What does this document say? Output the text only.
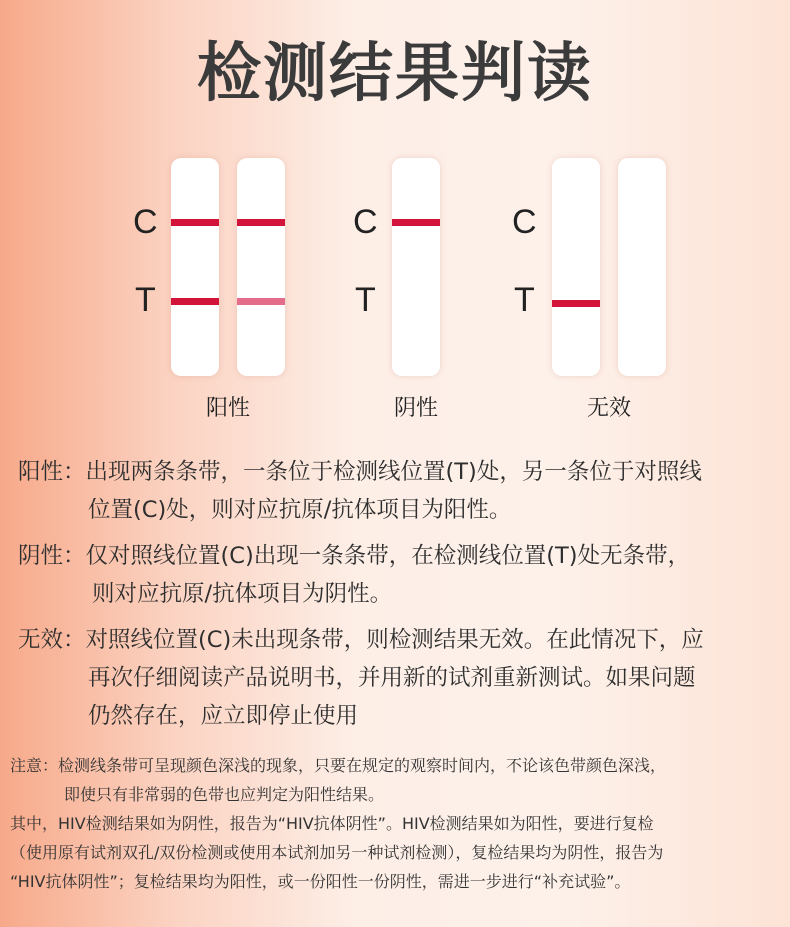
检测结果判读
C
T
阳性
C
T
阴性
C
T
无效
阳性：出现两条条带，一条位于检测线位置(T)处，另一条位于对照线
位置(C)处，则对应抗原/抗体项目为阳性。
阴性：仅对照线位置(C)出现一条条带，在检测线位置(T)处无条带，
则对应抗原/抗体项目为阴性。
无效：对照线位置(C)未出现条带，则检测结果无效。在此情况下，应
再次仔细阅读产品说明书，并用新的试剂重新测试。如果问题
仍然存在，应立即停止使用
注意：检测线条带可呈现颜色深浅的现象，只要在规定的观察时间内，不论该色带颜色深浅，
即使只有非常弱的色带也应判定为阳性结果。
其中，HIV检测结果如为阴性，报告为“HIV抗体阴性”。HIV检测结果如为阳性，要进行复检
（使用原有试剂双孔/双份检测或使用本试剂加另一种试剂检测），复检结果均为阴性，报告为
“HIV抗体阴性”；复检结果均为阳性，或一份阳性一份阴性，需进一步进行“补充试验”。
